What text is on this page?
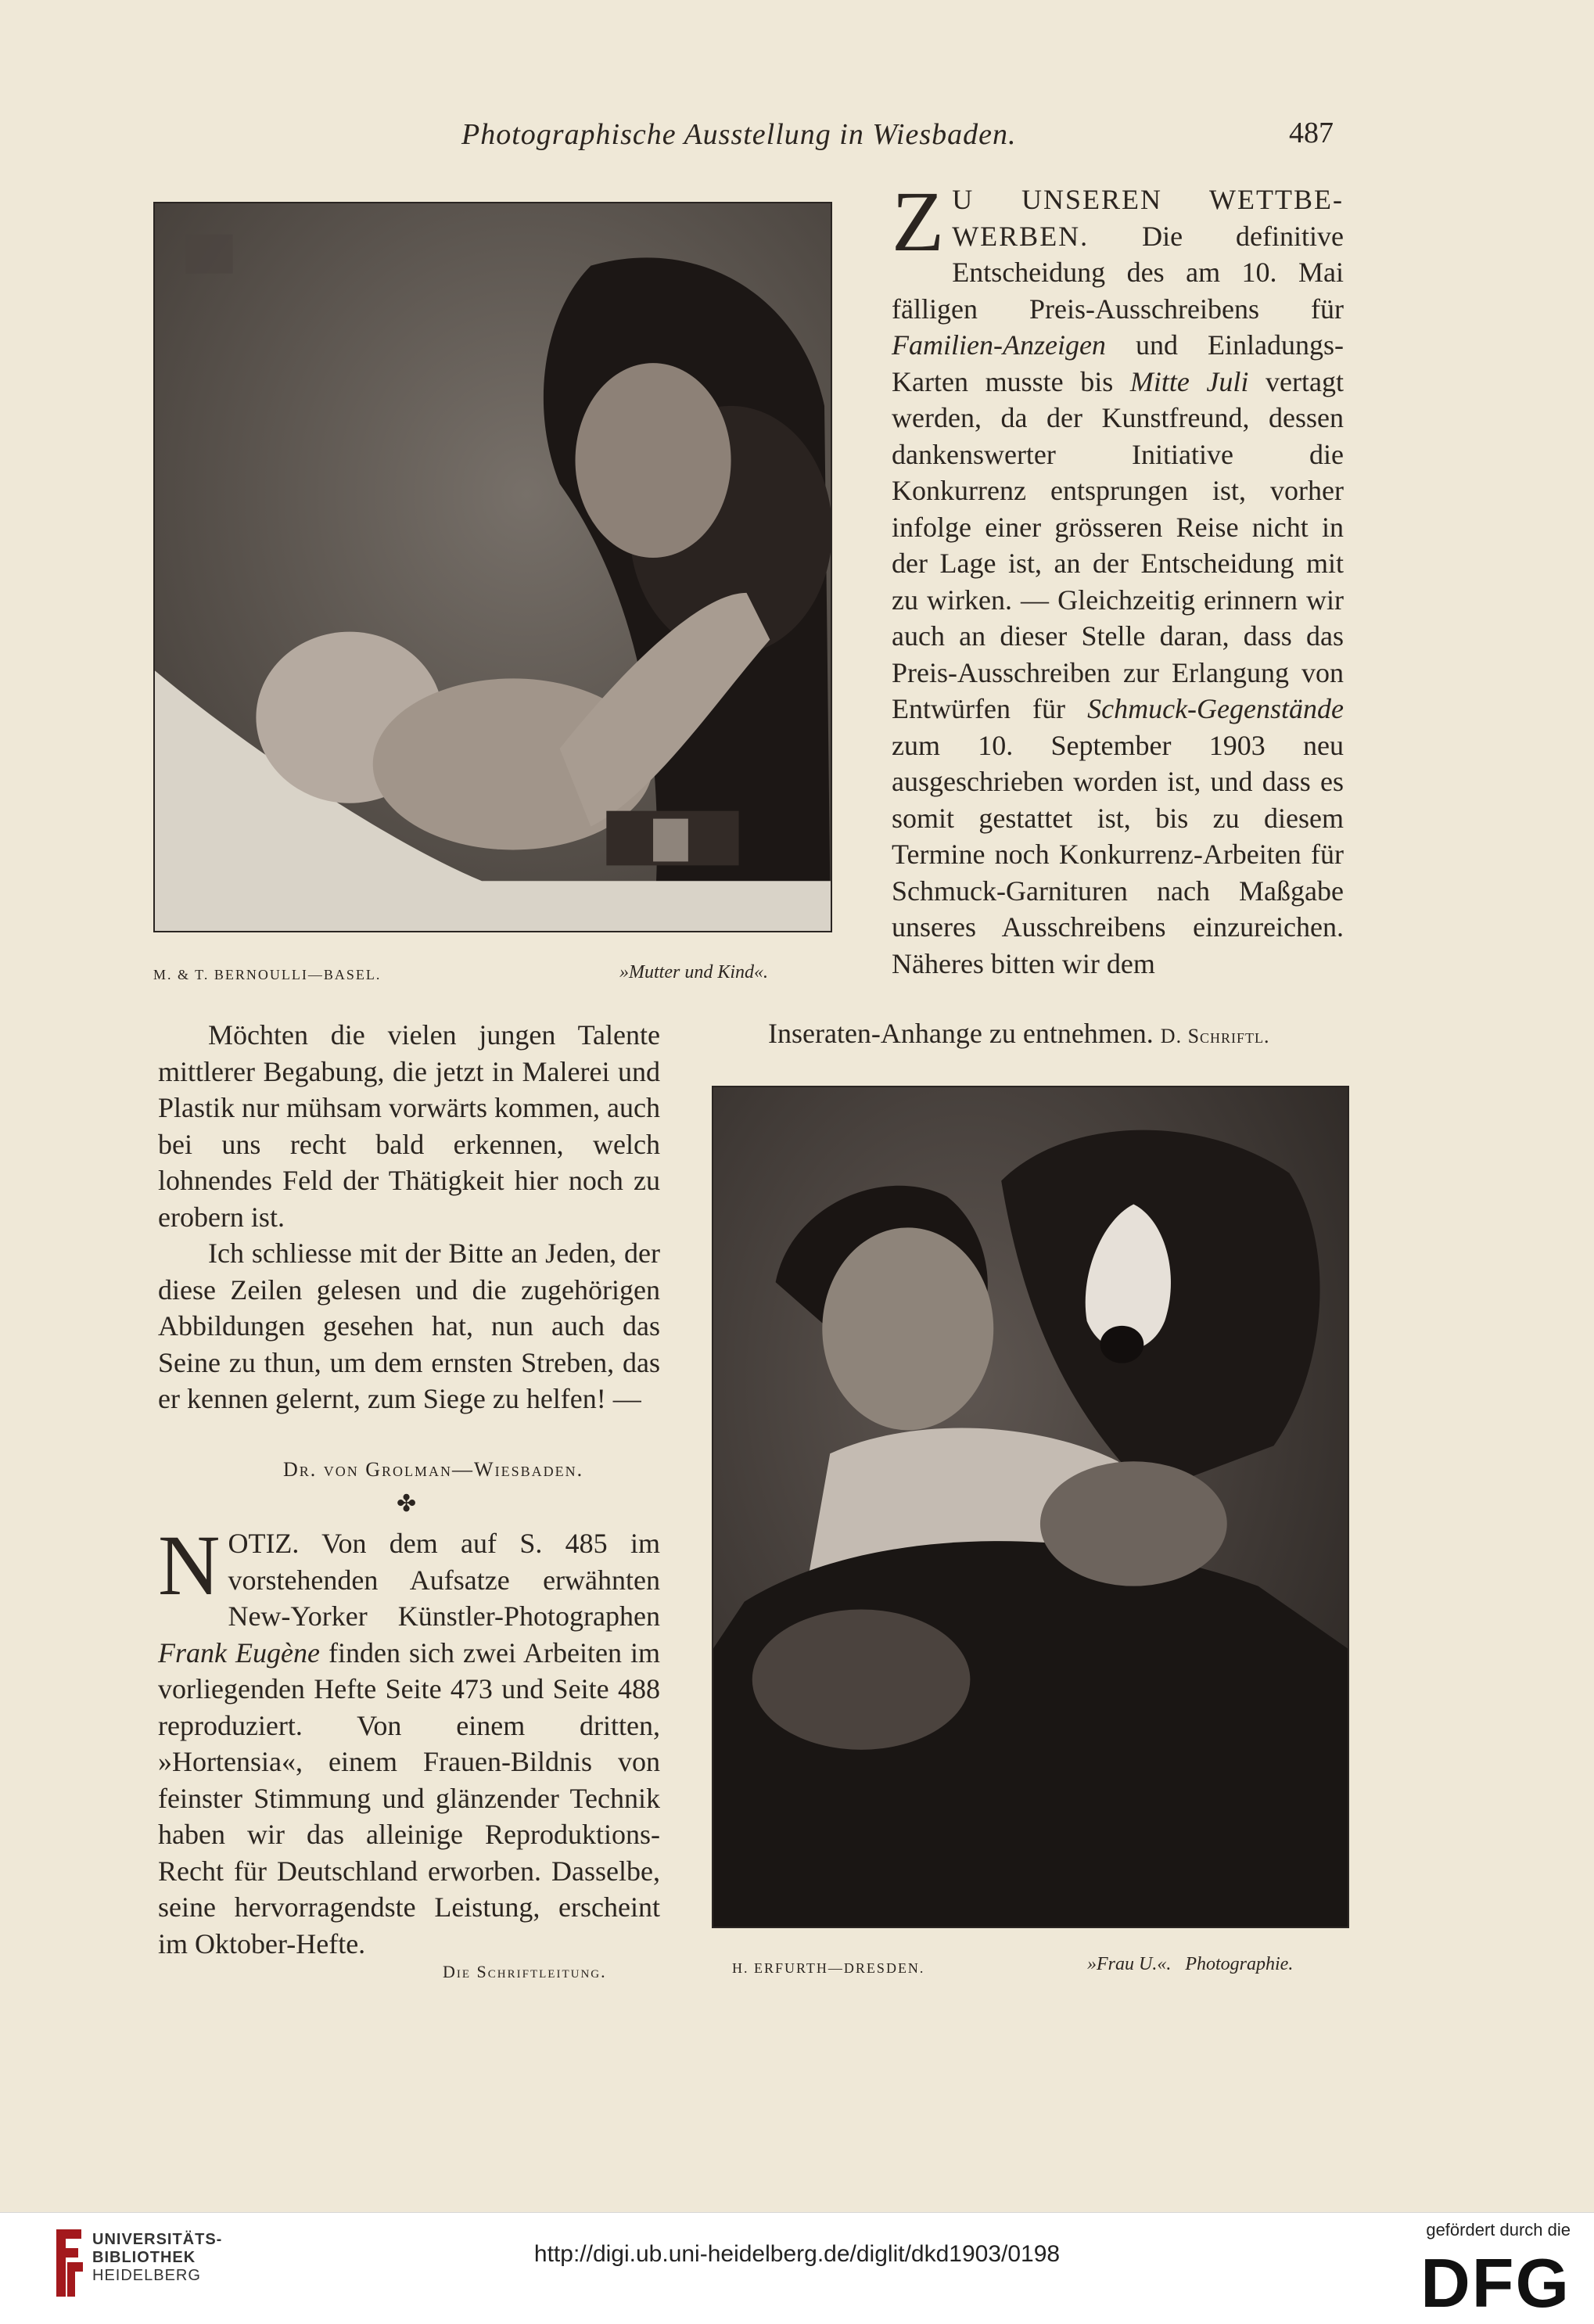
Photographische Ausstellung in Wiesbaden.	487
M. & T. BERNOULLI—BASEL.	»Mutter und Kind«.
Z U UNSEREN WETTBE- WERBEN. Die definitive Entscheidung des am 10. Mai fälligen Preis-Ausschreibens für Familien-Anzeigen und Einladungs-Karten musste bis Mitte Juli vertagt werden, da der Kunstfreund, dessen dankenswerter Initiative die Konkurrenz entsprungen ist, vorher infolge einer grösseren Reise nicht in der Lage ist, an der Entscheidung mit zu wirken. — Gleichzeitig erinnern wir auch an dieser Stelle daran, dass das Preis-Ausschreiben zur Erlangung von Entwürfen für Schmuck-Gegenstände zum 10. September 1903 neu ausgeschrieben worden ist, und dass es somit gestattet ist, bis zu diesem Termine noch Konkurrenz-Arbeiten für Schmuck-Garnituren nach Maßgabe unseres Ausschreibens einzureichen. Näheres bitten wir dem
Inseraten-Anhange zu entnehmen. D. Schriftl.

Möchten die vielen jungen Talente mittlerer Begabung, die jetzt in Malerei und Plastik nur mühsam vorwärts kommen, auch bei uns recht bald erkennen, welch lohnendes Feld der Thätigkeit hier noch zu erobern ist.

Ich schliesse mit der Bitte an Jeden, der diese Zeilen gelesen und die zugehörigen Abbildungen gesehen hat, nun auch das Seine zu thun, um dem ernsten Streben, das er kennen gelernt, zum Siege zu helfen! —

Dr. von Grolman—Wiesbaden.
✤
NOTIZ. Von dem auf S. 485 im vorstehenden Aufsatze erwähnten New-Yorker Künstler-Photographen Frank Eugène finden sich zwei Arbeiten im vorliegenden Hefte Seite 473 und Seite 488 reproduziert. Von einem dritten, »Hortensia«, einem Frauen-Bildnis von feinster Stimmung und glänzender Technik haben wir das alleinige Reproduktions-Recht für Deutschland erworben. Dasselbe, seine hervorragendste Leistung, erscheint im Oktober-Hefte.
Die Schriftleitung.	H. ERFURTH—DRESDEN.	»Frau U.«.   Photographie.
UNIVERSITÄTS-
BIBLIOTHEK
HEIDELBERG
http://digi.ub.uni-heidelberg.de/diglit/dkd1903/0198
gefördert durch die
DFG
